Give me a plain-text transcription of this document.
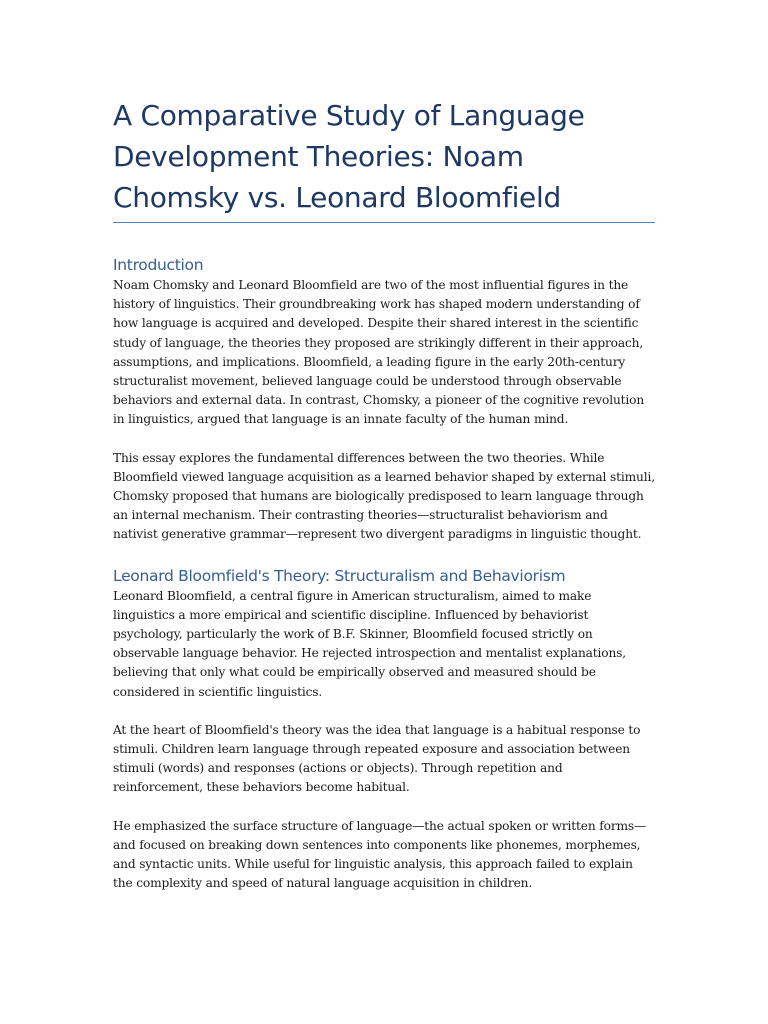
A Comparative Study of Language Development Theories: Noam Chomsky vs. Leonard Bloomfield
Introduction

Noam Chomsky and Leonard Bloomfield are two of the most influential figures in the history of linguistics. Their groundbreaking work has shaped modern understanding of how language is acquired and developed. Despite their shared interest in the scientific study of language, the theories they proposed are strikingly different in their approach, assumptions, and implications. Bloomfield, a leading figure in the early 20th-century structuralist movement, believed language could be understood through observable behaviors and external data. In contrast, Chomsky, a pioneer of the cognitive revolution in linguistics, argued that language is an innate faculty of the human mind.

This essay explores the fundamental differences between the two theories. While Bloomfield viewed language acquisition as a learned behavior shaped by external stimuli, Chomsky proposed that humans are biologically predisposed to learn language through an internal mechanism. Their contrasting theories—structuralist behaviorism and nativist generative grammar—represent two divergent paradigms in linguistic thought.

Leonard Bloomfield's Theory: Structuralism and Behaviorism

Leonard Bloomfield, a central figure in American structuralism, aimed to make linguistics a more empirical and scientific discipline. Influenced by behaviorist psychology, particularly the work of B.F. Skinner, Bloomfield focused strictly on observable language behavior. He rejected introspection and mentalist explanations, believing that only what could be empirically observed and measured should be considered in scientific linguistics.

At the heart of Bloomfield's theory was the idea that language is a habitual response to stimuli. Children learn language through repeated exposure and association between stimuli (words) and responses (actions or objects). Through repetition and reinforcement, these behaviors become habitual.

He emphasized the surface structure of language—the actual spoken or written forms—and focused on breaking down sentences into components like phonemes, morphemes, and syntactic units. While useful for linguistic analysis, this approach failed to explain the complexity and speed of natural language acquisition in children.
